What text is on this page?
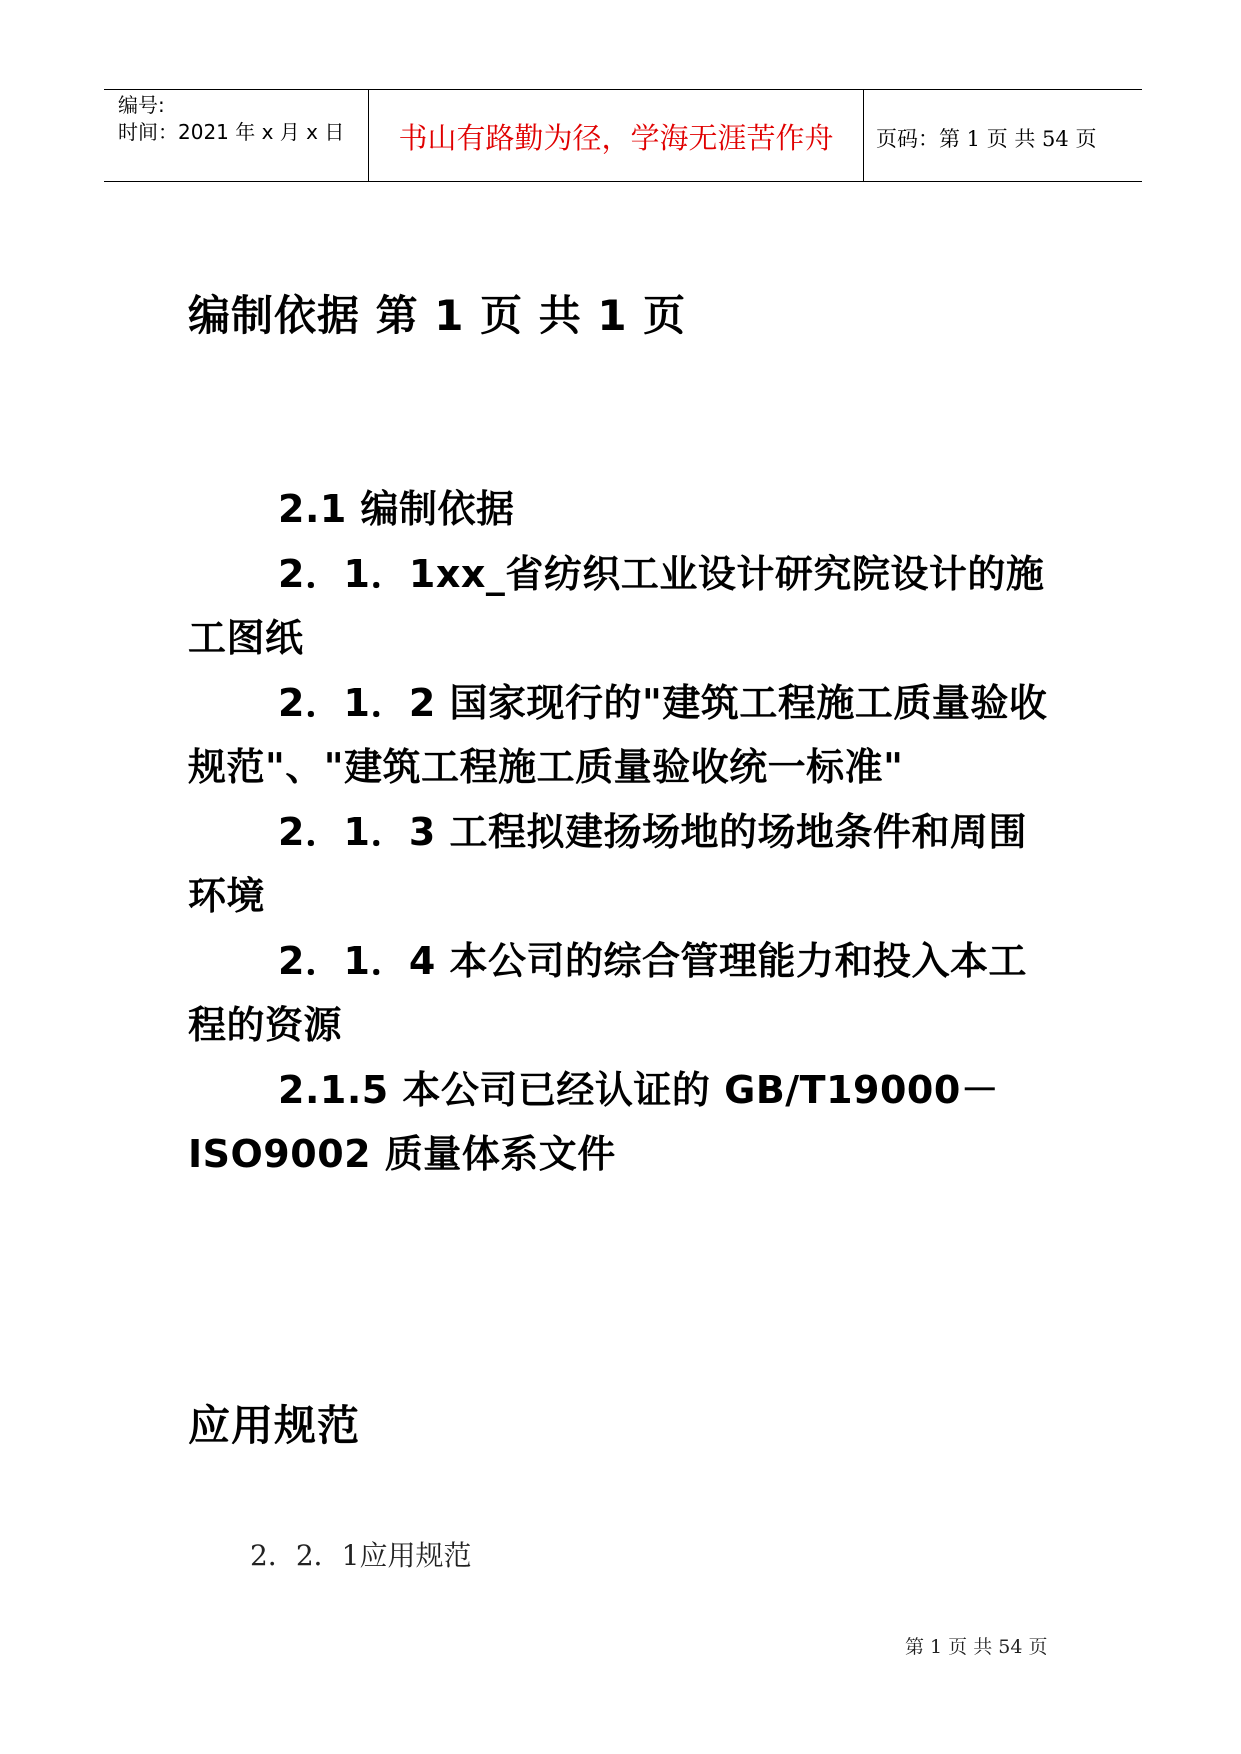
编号:
时间：2021 年 x 月 x 日	书山有路勤为径，学海无涯苦作舟	页码：第 1 页 共 54 页
编制依据 第 1 页 共 1 页

2.1 编制依据

2．1．1xx_省纺织工业设计研究院设计的施工图纸

2．1．2 国家现行的"建筑工程施工质量验收规范"、"建筑工程施工质量验收统一标准"

2．1．3 工程拟建扬场地的场地条件和周围环境

2．1．4 本公司的综合管理能力和投入本工程的资源

2.1.5 本公司已经认证的 GB/T19000－ISO9002 质量体系文件

应用规范
2．2．1应用规范
第 1 页 共 54 页
